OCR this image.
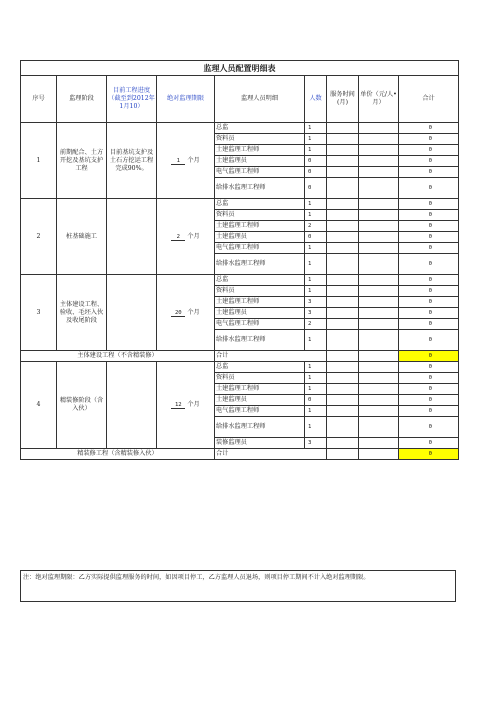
监理人员配置明细表								
序号	监理阶段	目前工程进度（截至到2012年1月10）	绝对监理期限	监理人员明细	人数	服务时间(月)	单价（元/人•月）	合计
1	前期配合、土方开挖及基坑支护工程	目前基坑支护及土石方挖运工程完成90%。	1 个月	总监	1			0
				资料员	1			0
				土建监理工程师	1			0
				土建监理员	0			0
				电气监理工程师	0			0
				给排水监理工程师	0			0
2	桩基础施工		2 个月	总监	1			0
				资料员	1			0
				土建监理工程师	2			0
				土建监理员	0			0
				电气监理工程师	1			0
				给排水监理工程师	1			0
3	主体建设工程、验收、毛坯入伙及收尾阶段		20 个月	总监	1			0
				资料员	1			0
				土建监理工程师	3			0
				土建监理员	3			0
				电气监理工程师	2			0
				给排水监理工程师	1			0
主体建设工程（不含精装修）				合计				0
4	精装修阶段（含入伙）		12 个月	总监	1			0
				资料员	1			0
				土建监理工程师	1			0
				土建监理员	0			0
				电气监理工程师	1			0
				给排水监理工程师	1			0
				装修监理员	3			0
精装修工程（含精装修入伙）				合计				0
注：绝对监理期限：乙方实际提供监理服务的时间，如因项目停工，乙方监理人员退场，则项目停工期间不计入绝对监理期限。
